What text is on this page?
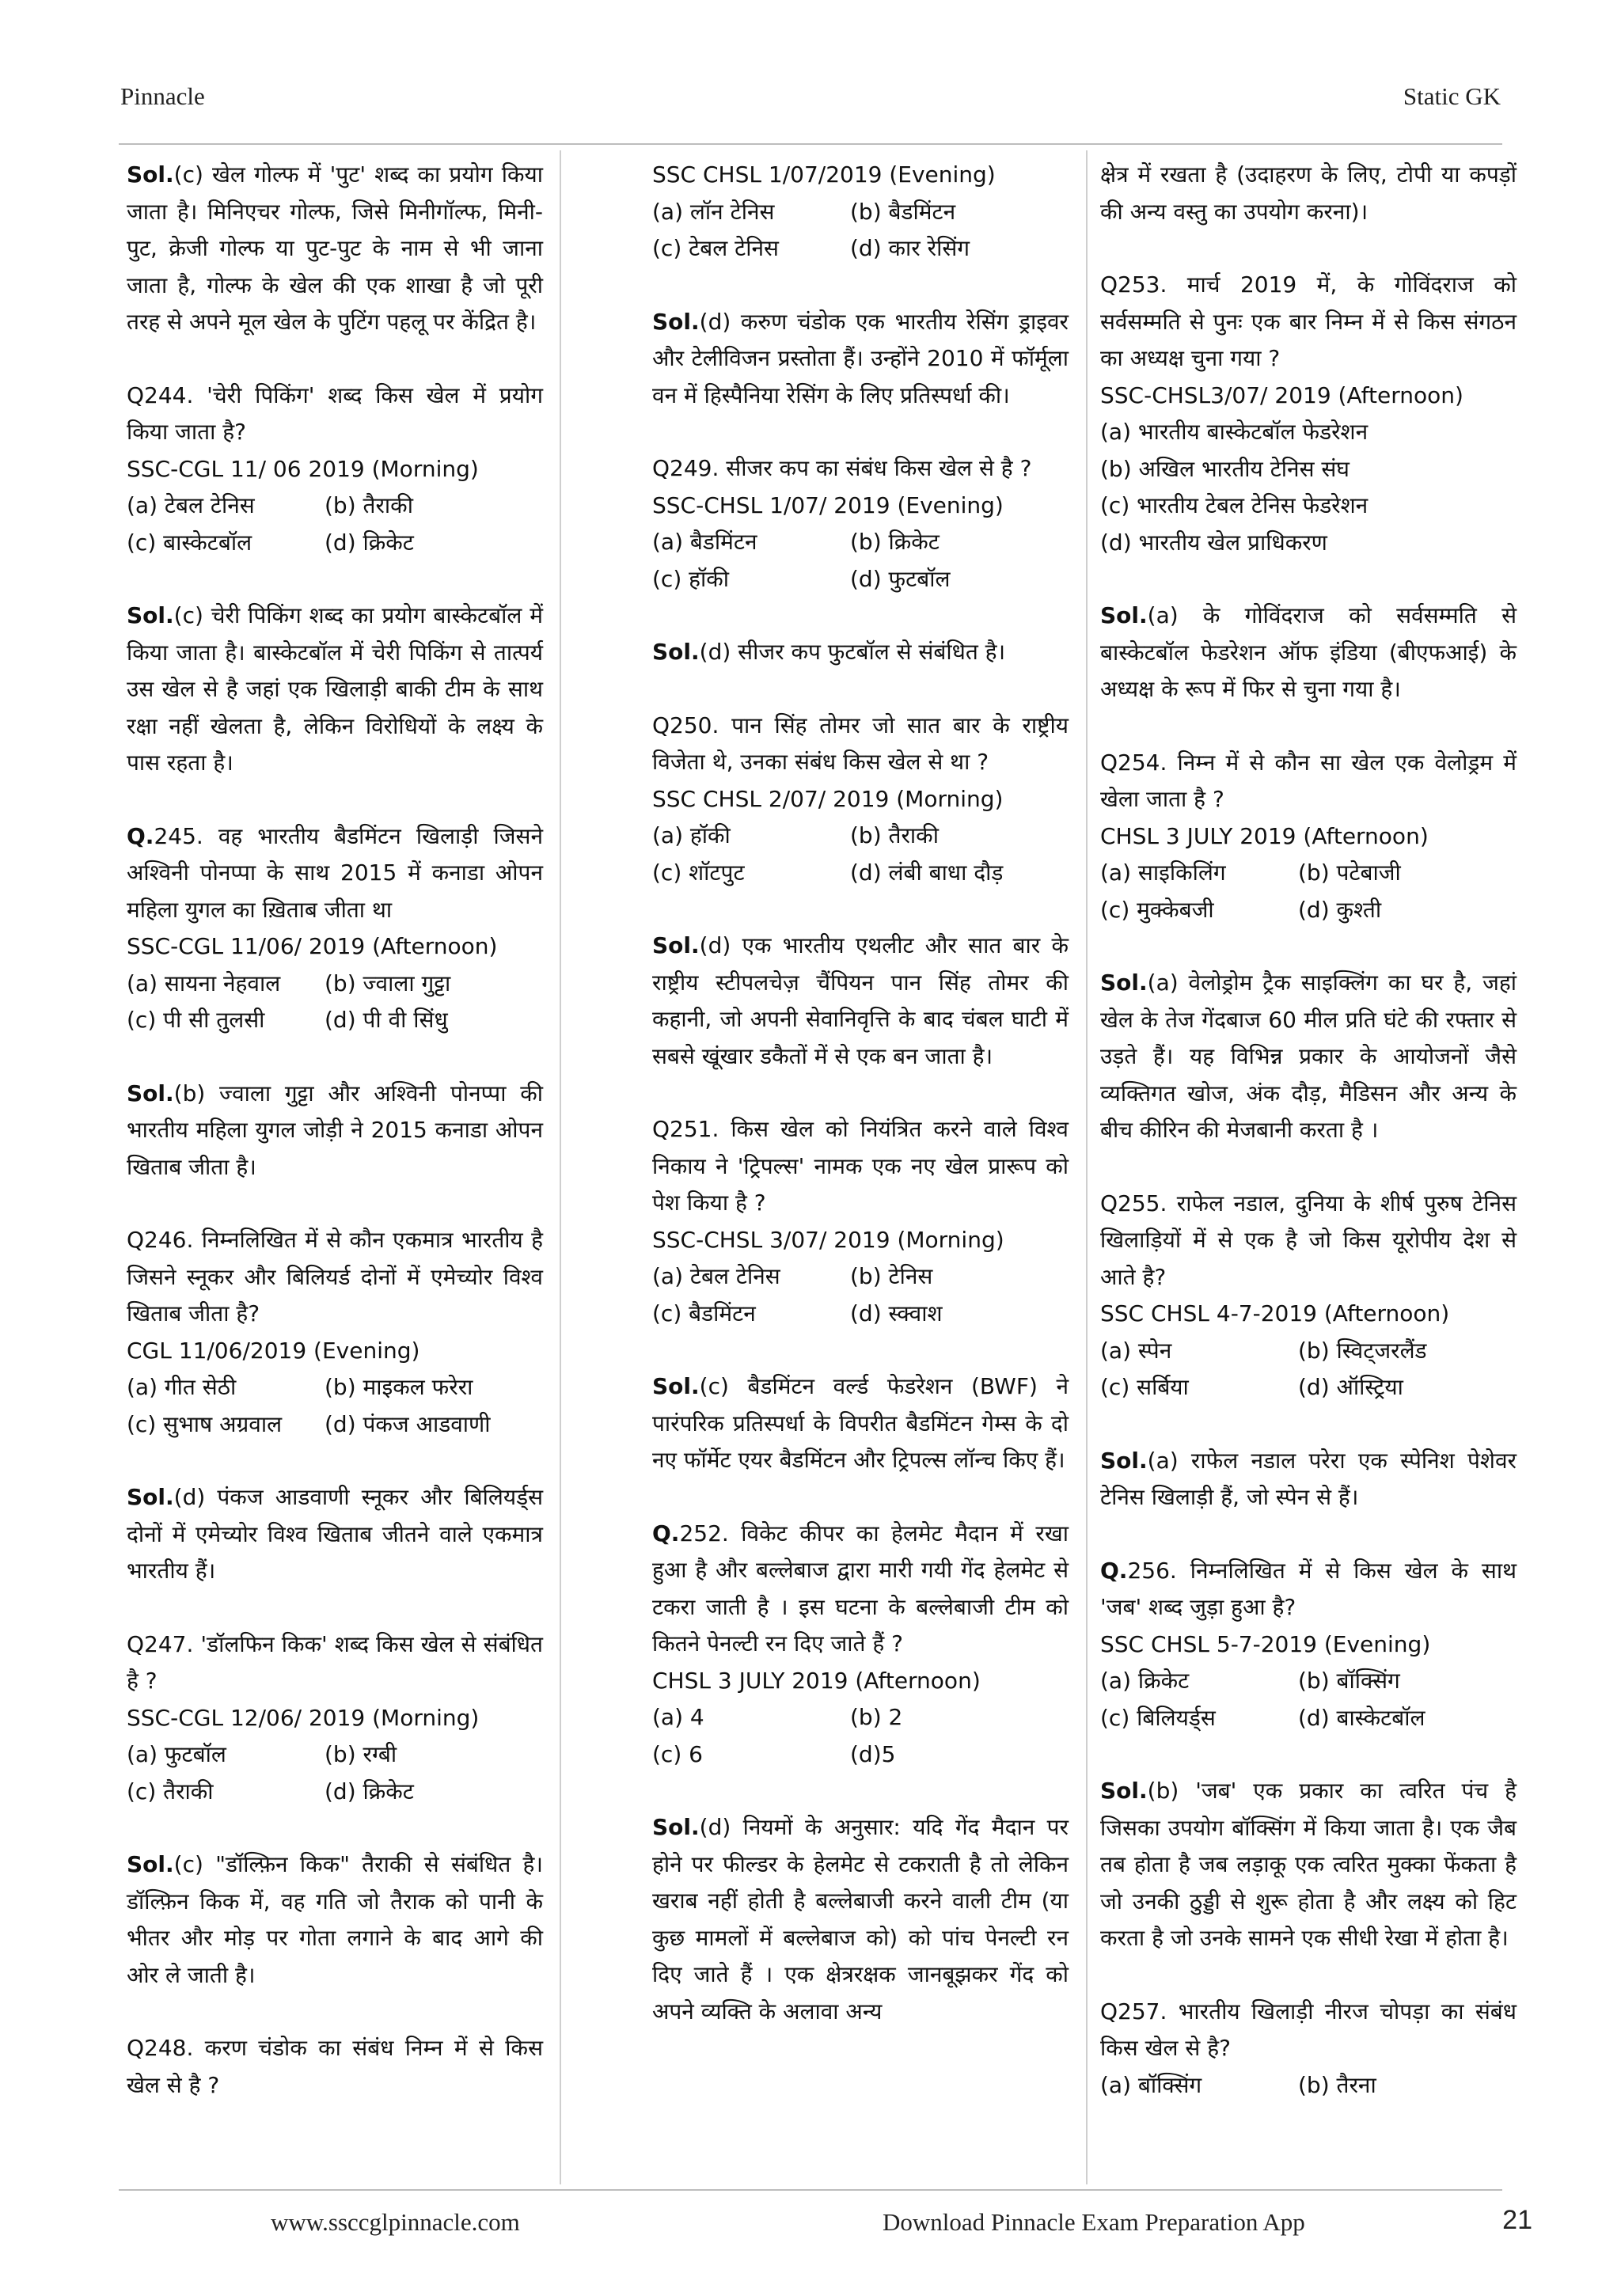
Pinnacle	Static GK

Sol.(c) खेल गोल्फ में 'पुट' शब्द का प्रयोग किया जाता है। मिनिएचर गोल्फ, जिसे मिनीगॉल्फ, मिनी-पुट, क्रेजी गोल्फ या पुट-पुट के नाम से भी जाना जाता है, गोल्फ के खेल की एक शाखा है जो पूरी तरह से अपने मूल खेल के पुटिंग पहलू पर केंद्रित है।

Q244. 'चेरी पिकिंग' शब्द किस खेल में प्रयोग किया जाता है?
SSC-CGL 11/ 06 2019 (Morning)
(a) टेबल टेनिस	(b) तैराकी
(c) बास्केटबॉल	(d) क्रिकेट

Sol.(c) चेरी पिकिंग शब्द का प्रयोग बास्केटबॉल में किया जाता है। बास्केटबॉल में चेरी पिकिंग से तात्पर्य उस खेल से है जहां एक खिलाड़ी बाकी टीम के साथ रक्षा नहीं खेलता है, लेकिन विरोधियों के लक्ष्य के पास रहता है।

Q.245. वह भारतीय बैडमिंटन खिलाड़ी जिसने अश्विनी पोनप्पा के साथ 2015 में कनाडा ओपन महिला युगल का ख़िताब जीता था
SSC-CGL 11/06/ 2019 (Afternoon)
(a) सायना नेहवाल	(b) ज्वाला गुट्टा
(c) पी सी तुलसी	(d) पी वी सिंधु

Sol.(b) ज्वाला गुट्टा और अश्विनी पोनप्पा की भारतीय महिला युगल जोड़ी ने 2015 कनाडा ओपन खिताब जीता है।

Q246. निम्नलिखित में से कौन एकमात्र भारतीय है जिसने स्नूकर और बिलियर्ड दोनों में एमेच्योर विश्व खिताब जीता है?
CGL 11/06/2019 (Evening)
(a) गीत सेठी	(b) माइकल फरेरा
(c) सुभाष अग्रवाल	(d) पंकज आडवाणी

Sol.(d) पंकज आडवाणी स्नूकर और बिलियर्ड्स दोनों में एमेच्योर विश्व खिताब जीतने वाले एकमात्र भारतीय हैं।

Q247. 'डॉलफिन किक' शब्द किस खेल से संबंधित है ?
SSC-CGL 12/06/ 2019 (Morning)
(a) फुटबॉल	(b) रग्बी
(c) तैराकी	(d) क्रिकेट

Sol.(c) "डॉल्फ़िन किक" तैराकी से संबंधित है। डॉल्फ़िन किक में, वह गति जो तैराक को पानी के भीतर और मोड़ पर गोता लगाने के बाद आगे की ओर ले जाती है।

Q248. करण चंडोक का संबंध निम्न में से किस खेल से है ?

SSC CHSL 1/07/2019 (Evening)
(a) लॉन टेनिस	(b) बैडमिंटन
(c) टेबल टेनिस	(d) कार रेसिंग

Sol.(d) करुण चंडोक एक भारतीय रेसिंग ड्राइवर और टेलीविजन प्रस्तोता हैं। उन्होंने 2010 में फॉर्मूला वन में हिस्पैनिया रेसिंग के लिए प्रतिस्पर्धा की।

Q249. सीजर कप का संबंध किस खेल से है ?
SSC-CHSL 1/07/ 2019 (Evening)
(a) बैडमिंटन	(b) क्रिकेट
(c) हॉकी	(d) फुटबॉल

Sol.(d) सीजर कप फुटबॉल से संबंधित है।

Q250. पान सिंह तोमर जो सात बार के राष्ट्रीय विजेता थे, उनका संबंध किस खेल से था ?
SSC CHSL 2/07/ 2019 (Morning)
(a) हॉकी	(b) तैराकी
(c) शॉटपुट	(d) लंबी बाधा दौड़

Sol.(d) एक भारतीय एथलीट और सात बार के राष्ट्रीय स्टीपलचेज़ चैंपियन पान सिंह तोमर की कहानी, जो अपनी सेवानिवृत्ति के बाद चंबल घाटी में सबसे खूंखार डकैतों में से एक बन जाता है।

Q251. किस खेल को नियंत्रित करने वाले विश्व निकाय ने 'ट्रिपल्स' नामक एक नए खेल प्रारूप को पेश किया है ?
SSC-CHSL 3/07/ 2019 (Morning)
(a) टेबल टेनिस	(b) टेनिस
(c) बैडमिंटन	(d) स्क्वाश

Sol.(c) बैडमिंटन वर्ल्ड फेडरेशन (BWF) ने पारंपरिक प्रतिस्पर्धा के विपरीत बैडमिंटन गेम्स के दो नए फॉर्मेट एयर बैडमिंटन और ट्रिपल्स लॉन्च किए हैं।

Q.252. विकेट कीपर का हेलमेट मैदान में रखा हुआ है और बल्लेबाज द्वारा मारी गयी गेंद हेलमेट से टकरा जाती है । इस घटना के बल्लेबाजी टीम को कितने पेनल्टी रन दिए जाते हैं ?
CHSL 3 JULY 2019 (Afternoon)
(a) 4	(b) 2
(c) 6	(d)5

Sol.(d) नियमों के अनुसार: यदि गेंद मैदान पर होने पर फील्डर के हेलमेट से टकराती है तो लेकिन खराब नहीं होती है बल्लेबाजी करने वाली टीम (या कुछ मामलों में बल्लेबाज को) को पांच पेनल्टी रन दिए जाते हैं । एक क्षेत्ररक्षक जानबूझकर गेंद को अपने व्यक्ति के अलावा अन्य

क्षेत्र में रखता है (उदाहरण के लिए, टोपी या कपड़ों की अन्य वस्तु का उपयोग करना)।

Q253. मार्च 2019 में, के गोविंदराज को सर्वसम्मति से पुनः एक बार निम्न में से किस संगठन का अध्यक्ष चुना गया ?
SSC-CHSL3/07/ 2019 (Afternoon)
(a) भारतीय बास्केटबॉल फेडरेशन
(b) अखिल भारतीय टेनिस संघ
(c) भारतीय टेबल टेनिस फेडरेशन
(d) भारतीय खेल प्राधिकरण

Sol.(a) के गोविंदराज को सर्वसम्मति से बास्केटबॉल फेडरेशन ऑफ इंडिया (बीएफआई) के अध्यक्ष के रूप में फिर से चुना गया है।

Q254. निम्न में से कौन सा खेल एक वेलोड्रम में खेला जाता है ?
CHSL 3 JULY 2019 (Afternoon)
(a) साइकिलिंग	(b) पटेबाजी
(c) मुक्केबजी	(d) कुश्ती

Sol.(a) वेलोड्रोम ट्रैक साइक्लिंग का घर है, जहां खेल के तेज गेंदबाज 60 मील प्रति घंटे की रफ्तार से उड़ते हैं। यह विभिन्न प्रकार के आयोजनों जैसे व्यक्तिगत खोज, अंक दौड़, मैडिसन और अन्य के बीच कीरिन की मेजबानी करता है ।

Q255. राफेल नडाल, दुनिया के शीर्ष पुरुष टेनिस खिलाड़ियों में से एक है जो किस यूरोपीय देश से आते है?
SSC CHSL 4-7-2019 (Afternoon)
(a) स्पेन	(b) स्विट्जरलैंड
(c) सर्बिया	(d) ऑस्ट्रिया

Sol.(a) राफेल नडाल परेरा एक स्पेनिश पेशेवर टेनिस खिलाड़ी हैं, जो स्पेन से हैं।

Q.256. निम्नलिखित में से किस खेल के साथ 'जब' शब्द जुड़ा हुआ है?
SSC CHSL 5-7-2019 (Evening)
(a) क्रिकेट	(b) बॉक्सिंग
(c) बिलियर्ड्स	(d) बास्केटबॉल

Sol.(b) 'जब' एक प्रकार का त्वरित पंच है जिसका उपयोग बॉक्सिंग में किया जाता है। एक जैब तब होता है जब लड़ाकू एक त्वरित मुक्का फेंकता है जो उनकी ठुड्डी से शुरू होता है और लक्ष्य को हिट करता है जो उनके सामने एक सीधी रेखा में होता है।

Q257. भारतीय खिलाड़ी नीरज चोपड़ा का संबंध किस खेल से है?
(a) बॉक्सिंग	(b) तैरना
www.ssccglpinnacle.com	Download Pinnacle Exam Preparation App	21
